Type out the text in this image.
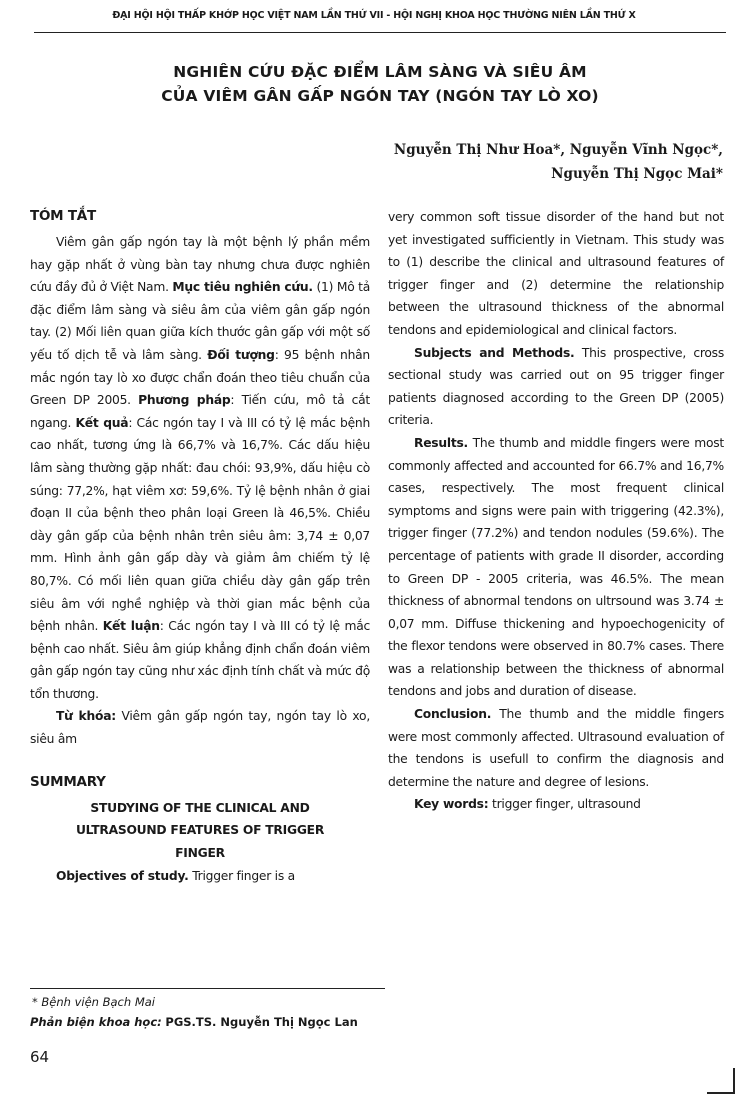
ĐẠI HỘI HỘI THẤP KHỚP HỌC VIỆT NAM LẦN THỨ VII - HỘI NGHỊ KHOA HỌC THƯỜNG NIÊN LẦN THỨ X
NGHIÊN CỨU ĐẶC ĐIỂM LÂM SÀNG VÀ SIÊU ÂM
CỦA VIÊM GÂN GẤP NGÓN TAY (NGÓN TAY LÒ XO)
Nguyễn Thị Như Hoa*, Nguyễn Vĩnh Ngọc*,
Nguyễn Thị Ngọc Mai*
TÓM TẮT

Viêm gân gấp ngón tay là một bệnh lý phần mềm hay gặp nhất ở vùng bàn tay nhưng chưa được nghiên cứu đầy đủ ở Việt Nam. Mục tiêu nghiên cứu. (1) Mô tả đặc điểm lâm sàng và siêu âm của viêm gân gấp ngón tay. (2) Mối liên quan giữa kích thước gân gấp với một số yếu tố dịch tễ và lâm sàng. Đối tượng: 95 bệnh nhân mắc ngón tay lò xo được chẩn đoán theo tiêu chuẩn của Green DP 2005. Phương pháp: Tiến cứu, mô tả cắt ngang. Kết quả: Các ngón tay I và III có tỷ lệ mắc bệnh cao nhất, tương ứng là 66,7% và 16,7%. Các dấu hiệu lâm sàng thường gặp nhất: đau chói: 93,9%, dấu hiệu cò súng: 77,2%, hạt viêm xơ: 59,6%. Tỷ lệ bệnh nhân ở giai đoạn II của bệnh theo phân loại Green là 46,5%. Chiều dày gân gấp của bệnh nhân trên siêu âm: 3,74 ± 0,07 mm. Hình ảnh gân gấp dày và giảm âm chiếm tỷ lệ 80,7%. Có mối liên quan giữa chiều dày gân gấp trên siêu âm với nghề nghiệp và thời gian mắc bệnh của bệnh nhân. Kết luận: Các ngón tay I và III có tỷ lệ mắc bệnh cao nhất. Siêu âm giúp khẳng định chẩn đoán viêm gân gấp ngón tay cũng như xác định tính chất và mức độ tổn thương.

Từ khóa: Viêm gân gấp ngón tay, ngón tay lò xo, siêu âm

SUMMARY
STUDYING OF THE CLINICAL AND
ULTRASOUND FEATURES OF TRIGGER
FINGER

Objectives of study. Trigger finger is a

very common soft tissue disorder of the hand but not yet investigated sufficiently in Vietnam. This study was to (1) describe the clinical and ultrasound features of trigger finger and (2) determine the relationship between the ultrasound thickness of the abnormal tendons and epidemiological and clinical factors.

Subjects and Methods. This prospective, cross sectional study was carried out on 95 trigger finger patients diagnosed according to the Green DP (2005) criteria.

Results. The thumb and middle fingers were most commonly affected and accounted for 66.7% and 16,7% cases, respectively. The most frequent clinical symptoms and signs were pain with triggering (42.3%), trigger finger (77.2%) and tendon nodules (59.6%). The percentage of patients with grade II disorder, according to Green DP - 2005 criteria, was 46.5%. The mean thickness of abnormal tendons on ultrsound was 3.74 ± 0,07 mm. Diffuse thickening and hypoechogenicity of the flexor tendons were observed in 80.7% cases. There was a relationship between the thickness of abnormal tendons and jobs and duration of disease.

Conclusion. The thumb and the middle fingers were most commonly affected. Ultrasound evaluation of the tendons is usefull to confirm the diagnosis and determine the nature and degree of lesions.

Key words: trigger finger, ultrasound

* Bệnh viện Bạch Mai
Phản biện khoa học: PGS.TS. Nguyễn Thị Ngọc Lan
64
